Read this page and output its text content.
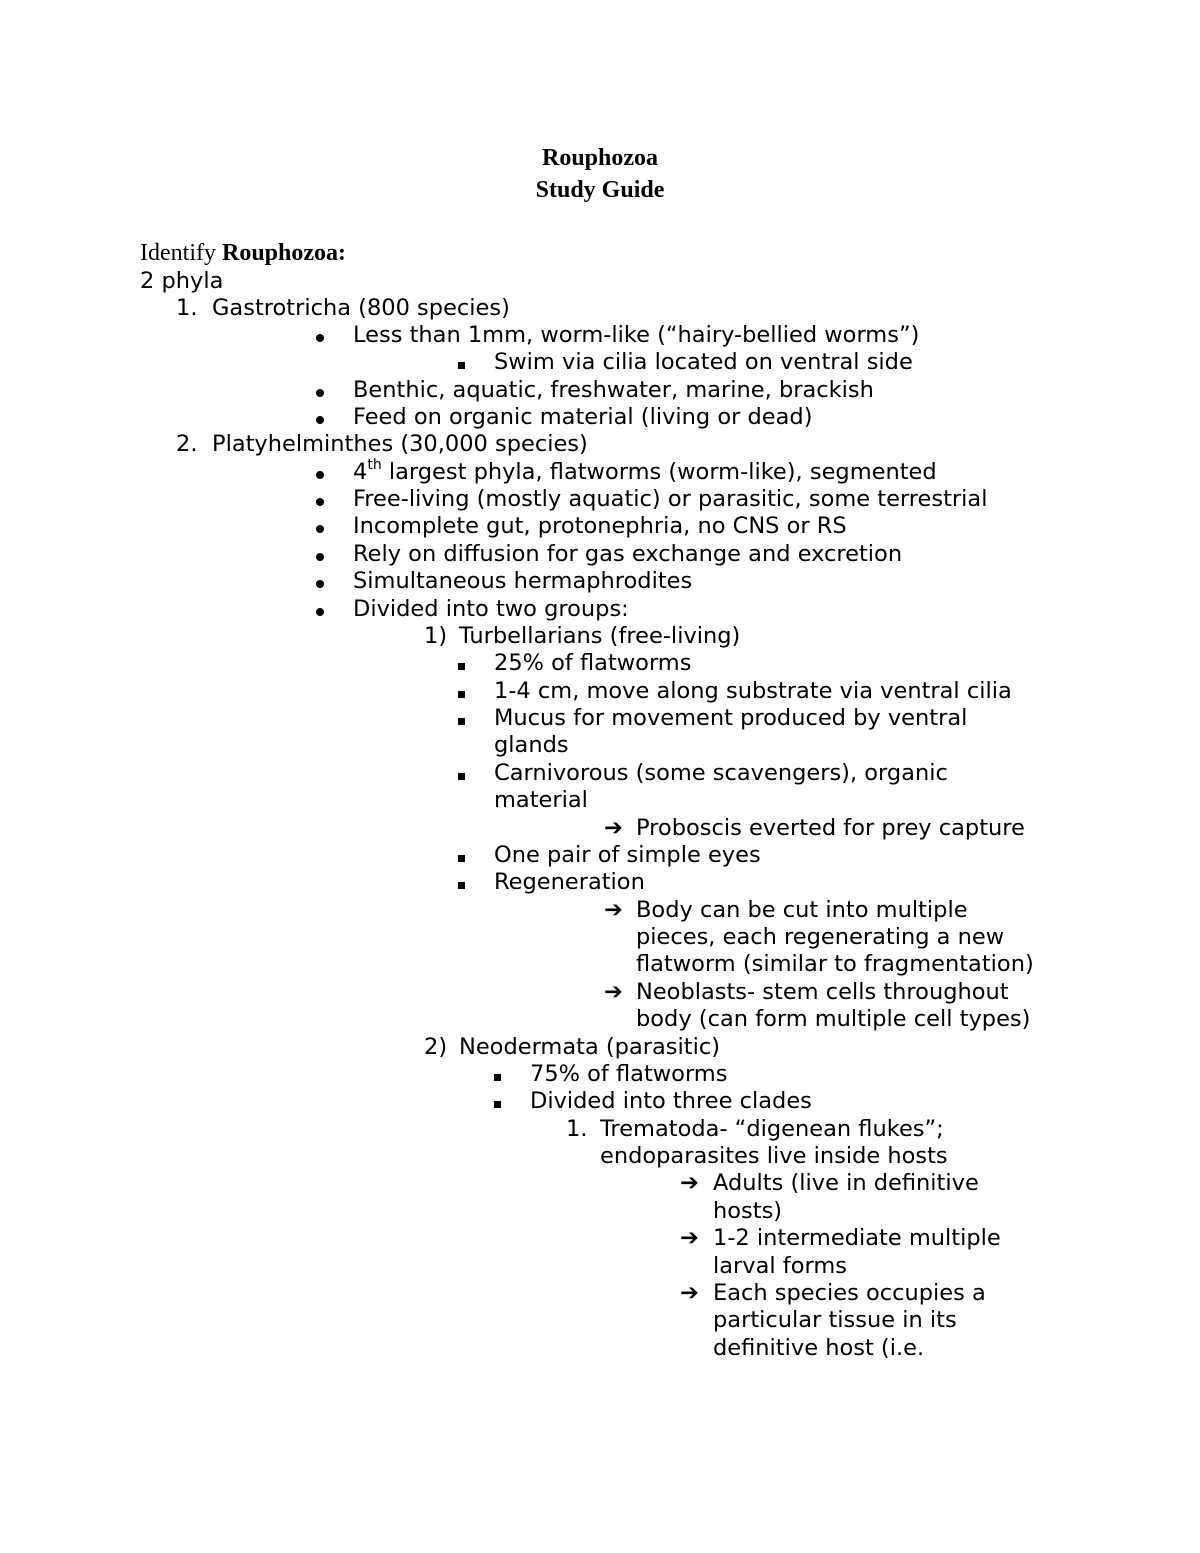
Rouphozoa
Study Guide
Identify Rouphozoa:
2 phyla
1. Gastrotricha (800 species)
Less than 1mm, worm-like (“hairy-bellied worms”)
Swim via cilia located on ventral side
Benthic, aquatic, freshwater, marine, brackish
Feed on organic material (living or dead)
2. Platyhelminthes (30,000 species)
4th largest phyla, flatworms (worm-like), segmented
Free-living (mostly aquatic) or parasitic, some terrestrial
Incomplete gut, protonephria, no CNS or RS
Rely on diffusion for gas exchange and excretion
Simultaneous hermaphrodites
Divided into two groups:
1) Turbellarians (free-living)
25% of flatworms
1-4 cm, move along substrate via ventral cilia
Mucus for movement produced by ventral
glands
Carnivorous (some scavengers), organic
material
➔ Proboscis everted for prey capture
One pair of simple eyes
Regeneration
➔ Body can be cut into multiple
pieces, each regenerating a new
flatworm (similar to fragmentation)
➔ Neoblasts- stem cells throughout
body (can form multiple cell types)
2) Neodermata (parasitic)
75% of flatworms
Divided into three clades
1. Trematoda- “digenean flukes”;
endoparasites live inside hosts
➔ Adults (live in definitive
hosts)
➔ 1-2 intermediate multiple
larval forms
➔ Each species occupies a
particular tissue in its
definitive host (i.e.
